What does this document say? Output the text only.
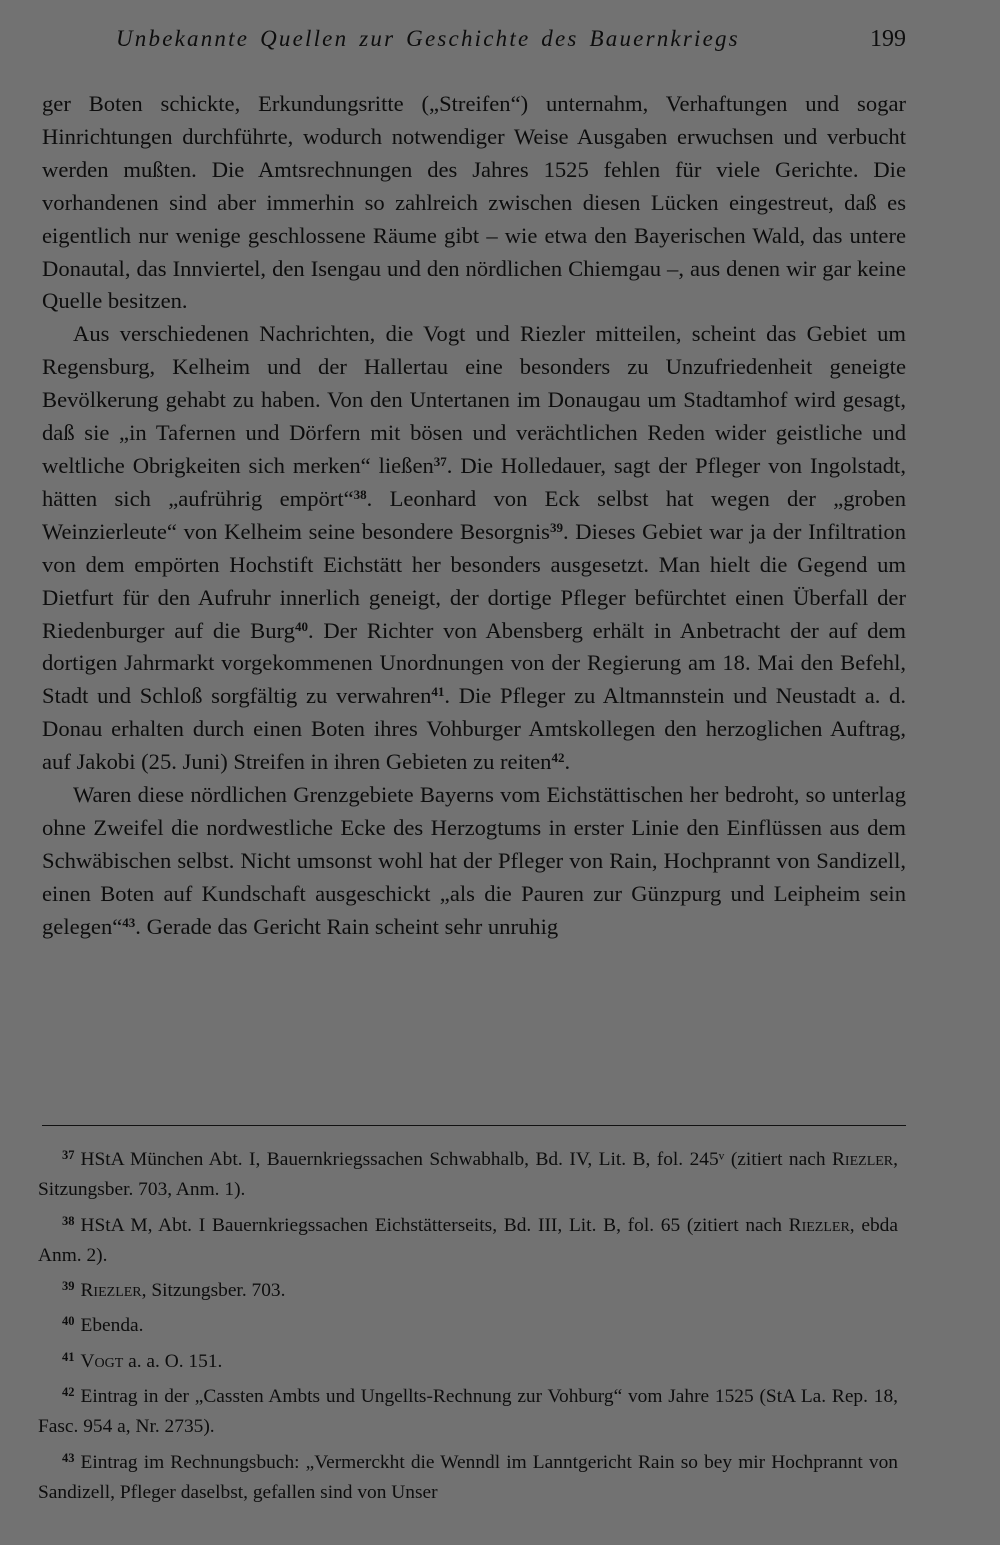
Unbekannte Quellen zur Geschichte des Bauernkriegs	199

ger Boten schickte, Erkundungsritte („Streifen“) unternahm, Verhaftungen und sogar Hinrichtungen durchführte, wodurch notwendiger Weise Ausgaben erwuchsen und verbucht werden mußten. Die Amtsrechnungen des Jahres 1525 fehlen für viele Gerichte. Die vorhandenen sind aber immerhin so zahlreich zwischen diesen Lücken eingestreut, daß es eigentlich nur wenige geschlossene Räume gibt – wie etwa den Bayerischen Wald, das untere Donautal, das Innviertel, den Isengau und den nördlichen Chiemgau –, aus denen wir gar keine Quelle besitzen.

Aus verschiedenen Nachrichten, die Vogt und Riezler mitteilen, scheint das Gebiet um Regensburg, Kelheim und der Hallertau eine besonders zu Unzufriedenheit geneigte Bevölkerung gehabt zu haben. Von den Untertanen im Donaugau um Stadtamhof wird gesagt, daß sie „in Tafernen und Dörfern mit bösen und verächtlichen Reden wider geistliche und weltliche Obrigkeiten sich merken“ ließen$^{37}$. Die Holledauer, sagt der Pfleger von Ingolstadt, hätten sich „aufrührig empört“$^{38}$. Leonhard von Eck selbst hat wegen der „groben Weinzierleute“ von Kelheim seine besondere Besorgnis$^{39}$. Dieses Gebiet war ja der Infiltration von dem empörten Hochstift Eichstätt her besonders ausgesetzt. Man hielt die Gegend um Dietfurt für den Aufruhr innerlich geneigt, der dortige Pfleger befürchtet einen Überfall der Riedenburger auf die Burg$^{40}$. Der Richter von Abensberg erhält in Anbetracht der auf dem dortigen Jahrmarkt vorgekommenen Unordnungen von der Regierung am 18. Mai den Befehl, Stadt und Schloß sorgfältig zu verwahren$^{41}$. Die Pfleger zu Altmannstein und Neustadt a. d. Donau erhalten durch einen Boten ihres Vohburger Amtskollegen den herzoglichen Auftrag, auf Jakobi (25. Juni) Streifen in ihren Gebieten zu reiten$^{42}$.

Waren diese nördlichen Grenzgebiete Bayerns vom Eichstättischen her bedroht, so unterlag ohne Zweifel die nordwestliche Ecke des Herzogtums in erster Linie den Einflüssen aus dem Schwäbischen selbst. Nicht umsonst wohl hat der Pfleger von Rain, Hochprannt von Sandizell, einen Boten auf Kundschaft ausgeschickt „als die Pauren zur Günzpurg und Leipheim sein gelegen“$^{43}$. Gerade das Gericht Rain scheint sehr unruhig

$^{37}$ HStA München Abt. I, Bauernkriegssachen Schwabhalb, Bd. IV, Lit. B, fol. 245ᵛ (zitiert nach Riezler, Sitzungsber. 703, Anm. 1).

$^{38}$ HStA M, Abt. I Bauernkriegssachen Eichstätterseits, Bd. III, Lit. B, fol. 65 (zitiert nach Riezler, ebda Anm. 2).

$^{39}$ Riezler, Sitzungsber. 703.

$^{40}$ Ebenda.

$^{41}$ Vogt a. a. O. 151.

$^{42}$ Eintrag in der „Cassten Ambts und Ungellts-Rechnung zur Vohburg“ vom Jahre 1525 (StA La. Rep. 18, Fasc. 954 a, Nr. 2735).

$^{43}$ Eintrag im Rechnungsbuch: „Vermerckht die Wenndl im Lanntgericht Rain so bey mir Hochprannt von Sandizell, Pfleger daselbst, gefallen sind von Unser
